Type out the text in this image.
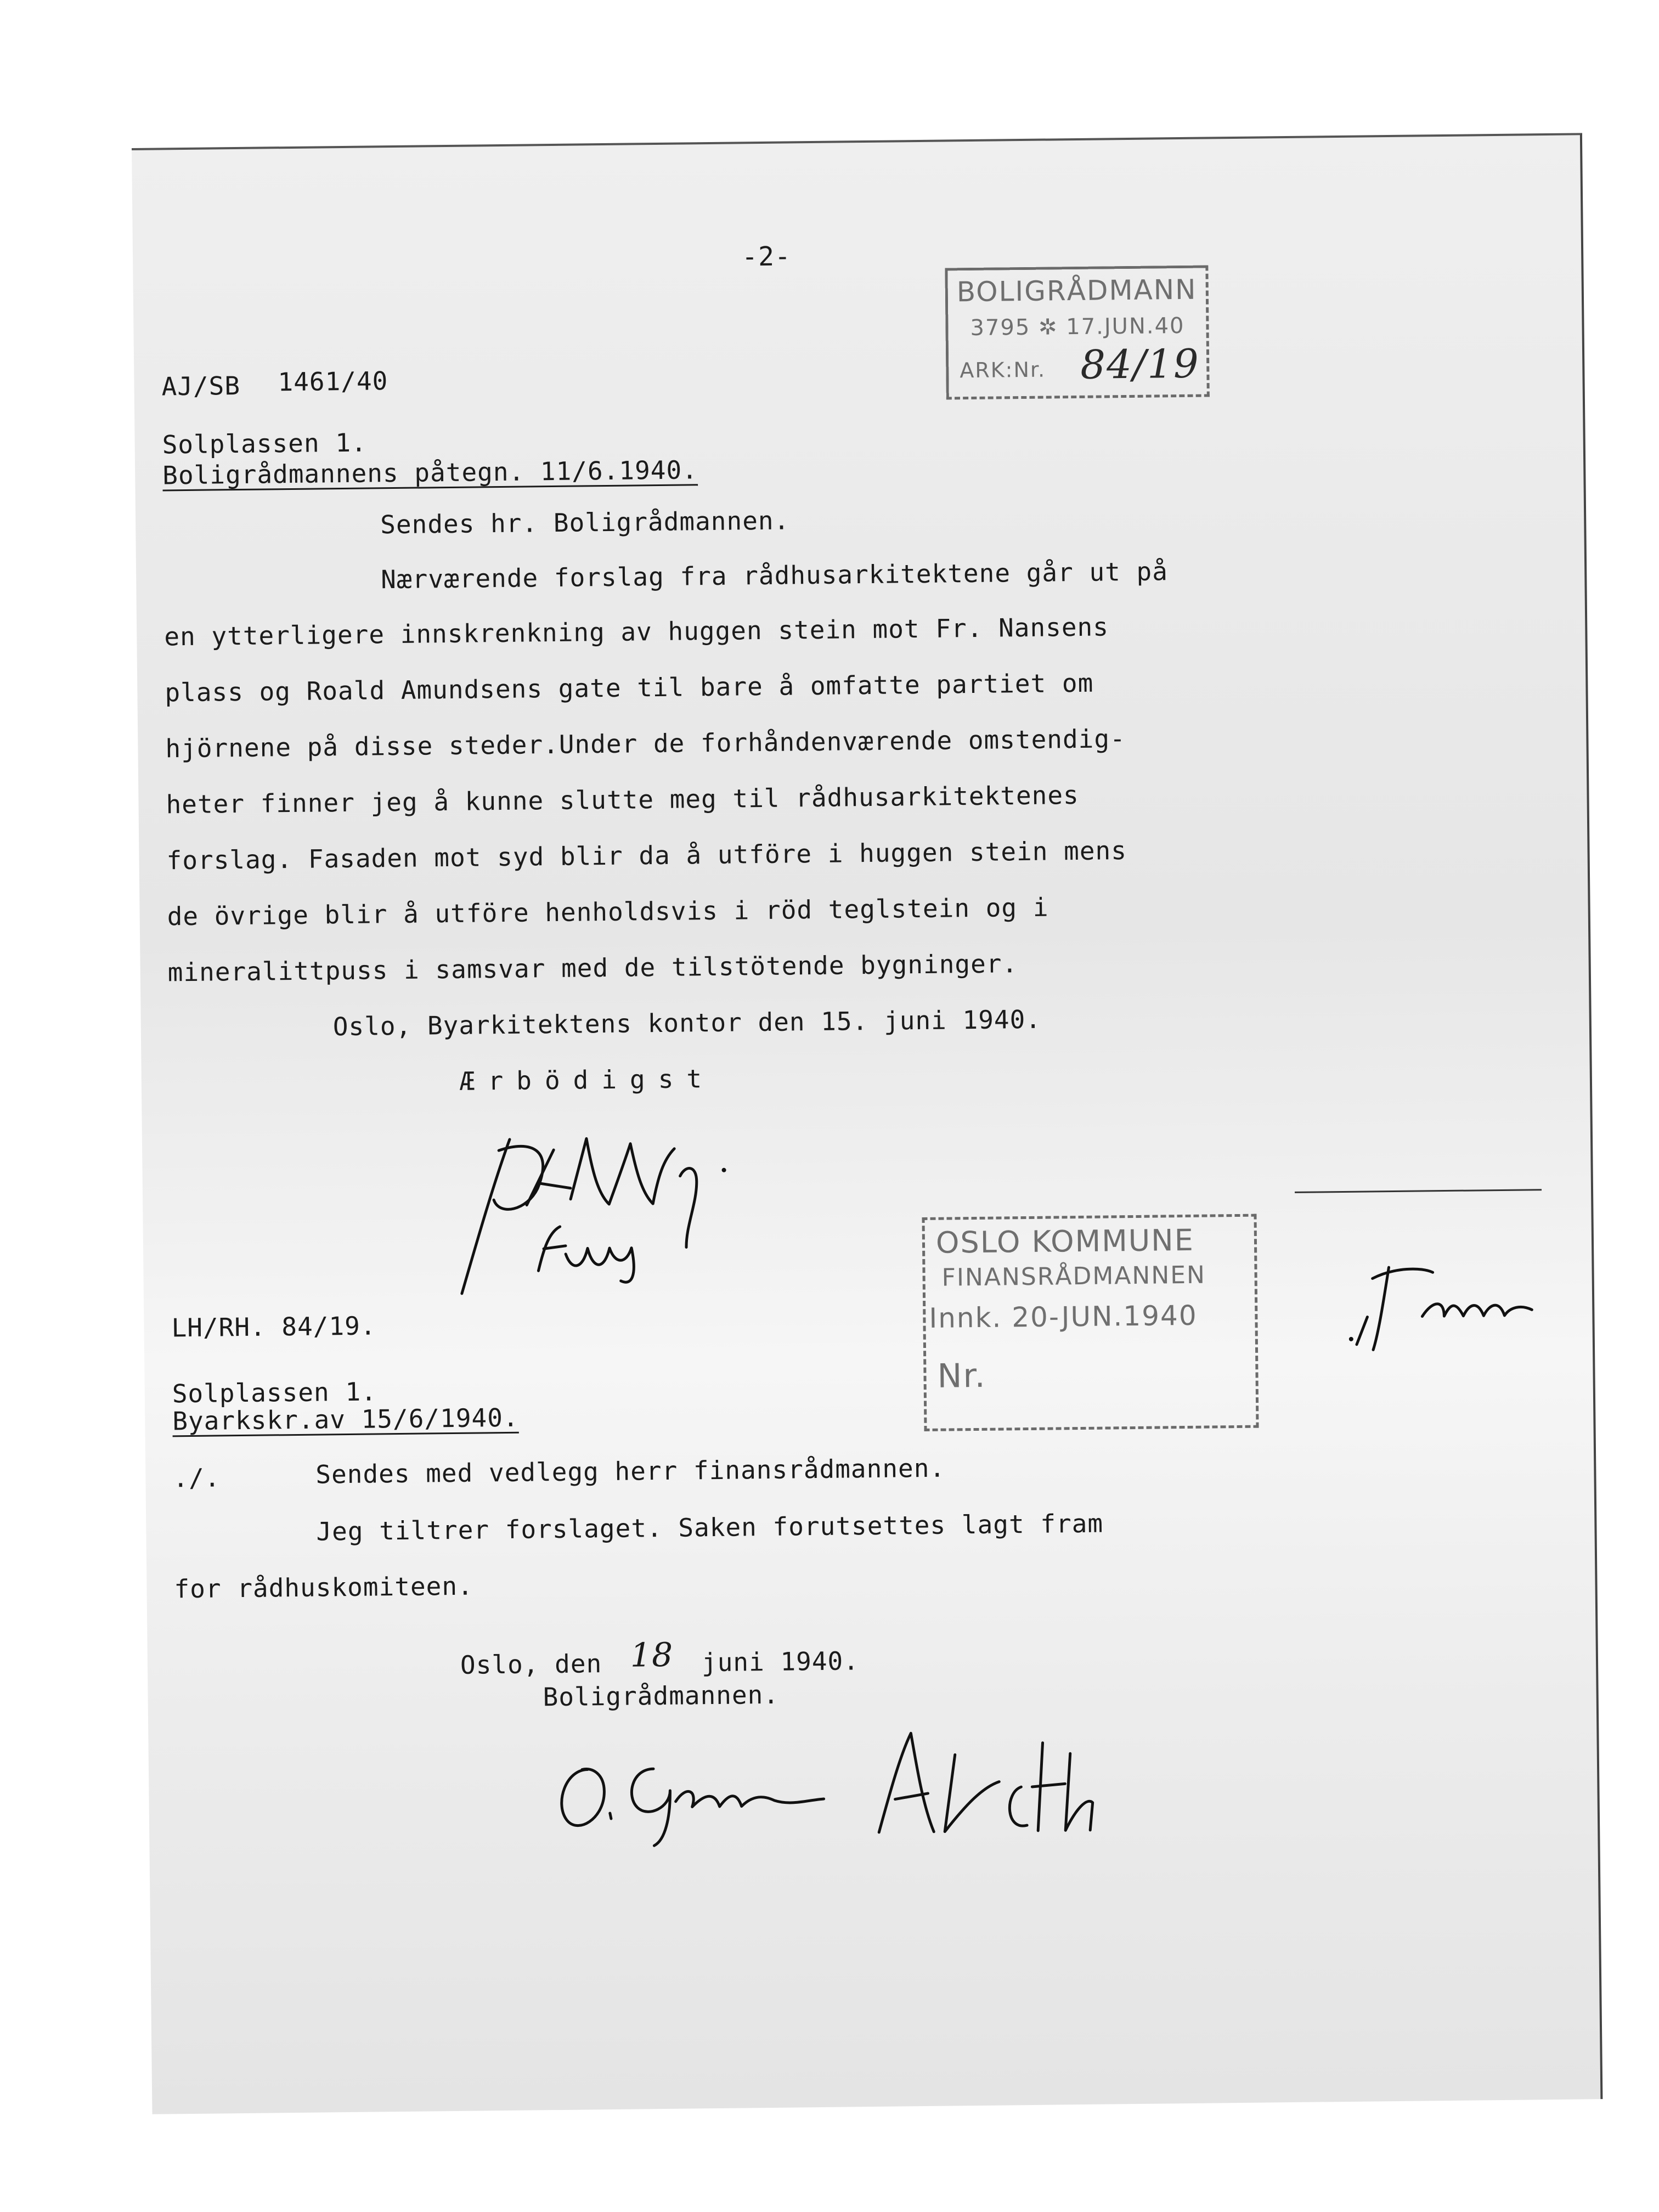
-2-
BOLIGRÅDMANN
3795 ✲ 17.JUN.40
ARK:Nr. 84/19
AJ/SB 1461/40
Solplassen 1.
Boligrådmannens påtegn. 11/6.1940.
Sendes hr. Boligrådmannen.
Nærværende forslag fra rådhusarkitektene går ut på
en ytterligere innskrenkning av huggen stein mot Fr. Nansens
plass og Roald Amundsens gate til bare å omfatte partiet om
hjörnene på disse steder.Under de forhåndenværende omstendig-
heter finner jeg å kunne slutte meg til rådhusarkitektenes
forslag. Fasaden mot syd blir da å utföre i huggen stein mens
de övrige blir å utföre henholdsvis i röd teglstein og i
mineralittpuss i samsvar med de tilstötende bygninger.
Oslo, Byarkitektens kontor den 15. juni 1940.
Ærbödigst
OSLO KOMMUNE
FINANSRÅDMANNEN
Innk. 20-JUN.1940
Nr.
LH/RH. 84/19.
Solplassen 1.
Byarkskr.av 15/6/1940.
./.	Sendes med vedlegg herr finansrådmannen.
Jeg tiltrer forslaget. Saken forutsettes lagt fram
for rådhuskomiteen.
Oslo, den 18 juni 1940.
Boligrådmannen.
